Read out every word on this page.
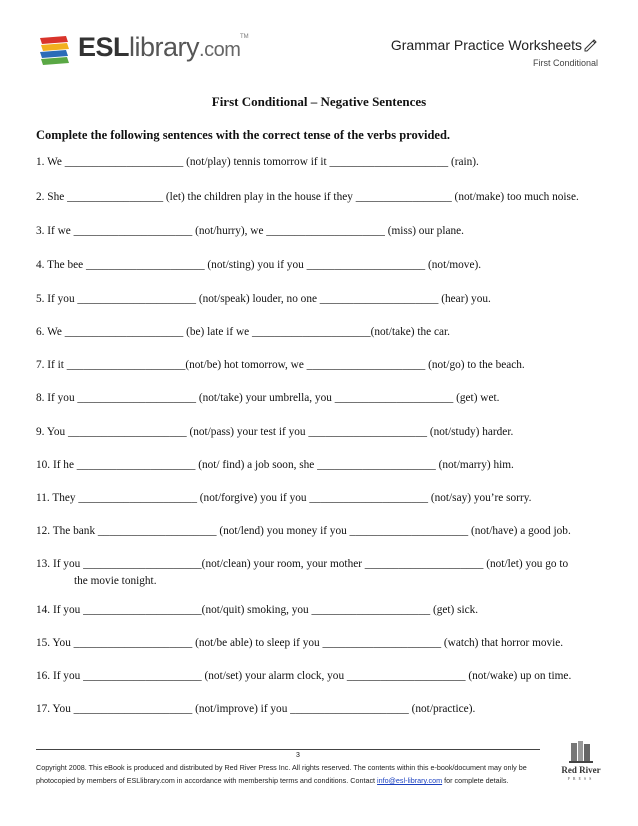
ESLlibrary.com
TM	Grammar Practice Worksheets
First Conditional
First Conditional – Negative Sentences
Complete the following sentences with the correct tense of the verbs provided.
1. We _____________________ (not/play) tennis tomorrow if it _____________________ (rain).
2. She _________________ (let) the children play in the house if they _________________ (not/make) too much noise.
3. If we _____________________ (not/hurry), we _____________________ (miss) our plane.
4. The bee _____________________ (not/sting) you if you _____________________ (not/move).
5. If you _____________________ (not/speak) louder, no one _____________________ (hear) you.
6. We _____________________ (be) late if we _____________________(not/take) the car.
7. If it _____________________(not/be) hot tomorrow, we _____________________ (not/go) to the beach.
8. If you _____________________ (not/take) your umbrella, you _____________________ (get) wet.
9. You _____________________ (not/pass) your test if you _____________________ (not/study) harder.
10. If he _____________________ (not/ find) a job soon, she _____________________ (not/marry) him.
11. They _____________________ (not/forgive) you if you _____________________ (not/say) you’re sorry.
12. The bank _____________________ (not/lend) you money if you _____________________ (not/have) a good job.
13. If you _____________________(not/clean) your room, your mother _____________________ (not/let) you go to
the movie tonight.
14. If you _____________________(not/quit) smoking, you _____________________ (get) sick.
15. You _____________________ (not/be able) to sleep if you _____________________ (watch) that horror movie.
16. If you _____________________ (not/set) your alarm clock, you _____________________ (not/wake) up on time.
17. You _____________________ (not/improve) if you _____________________ (not/practice).
3
Copyright 2008. This eBook is produced and distributed by Red River Press Inc. All rights reserved. The contents within this e-book/document may only be
photocopied by members of ESLlibrary.com in accordance with membership terms and conditions. Contact info@esl-library.com for complete details.
Red River
PRESS
